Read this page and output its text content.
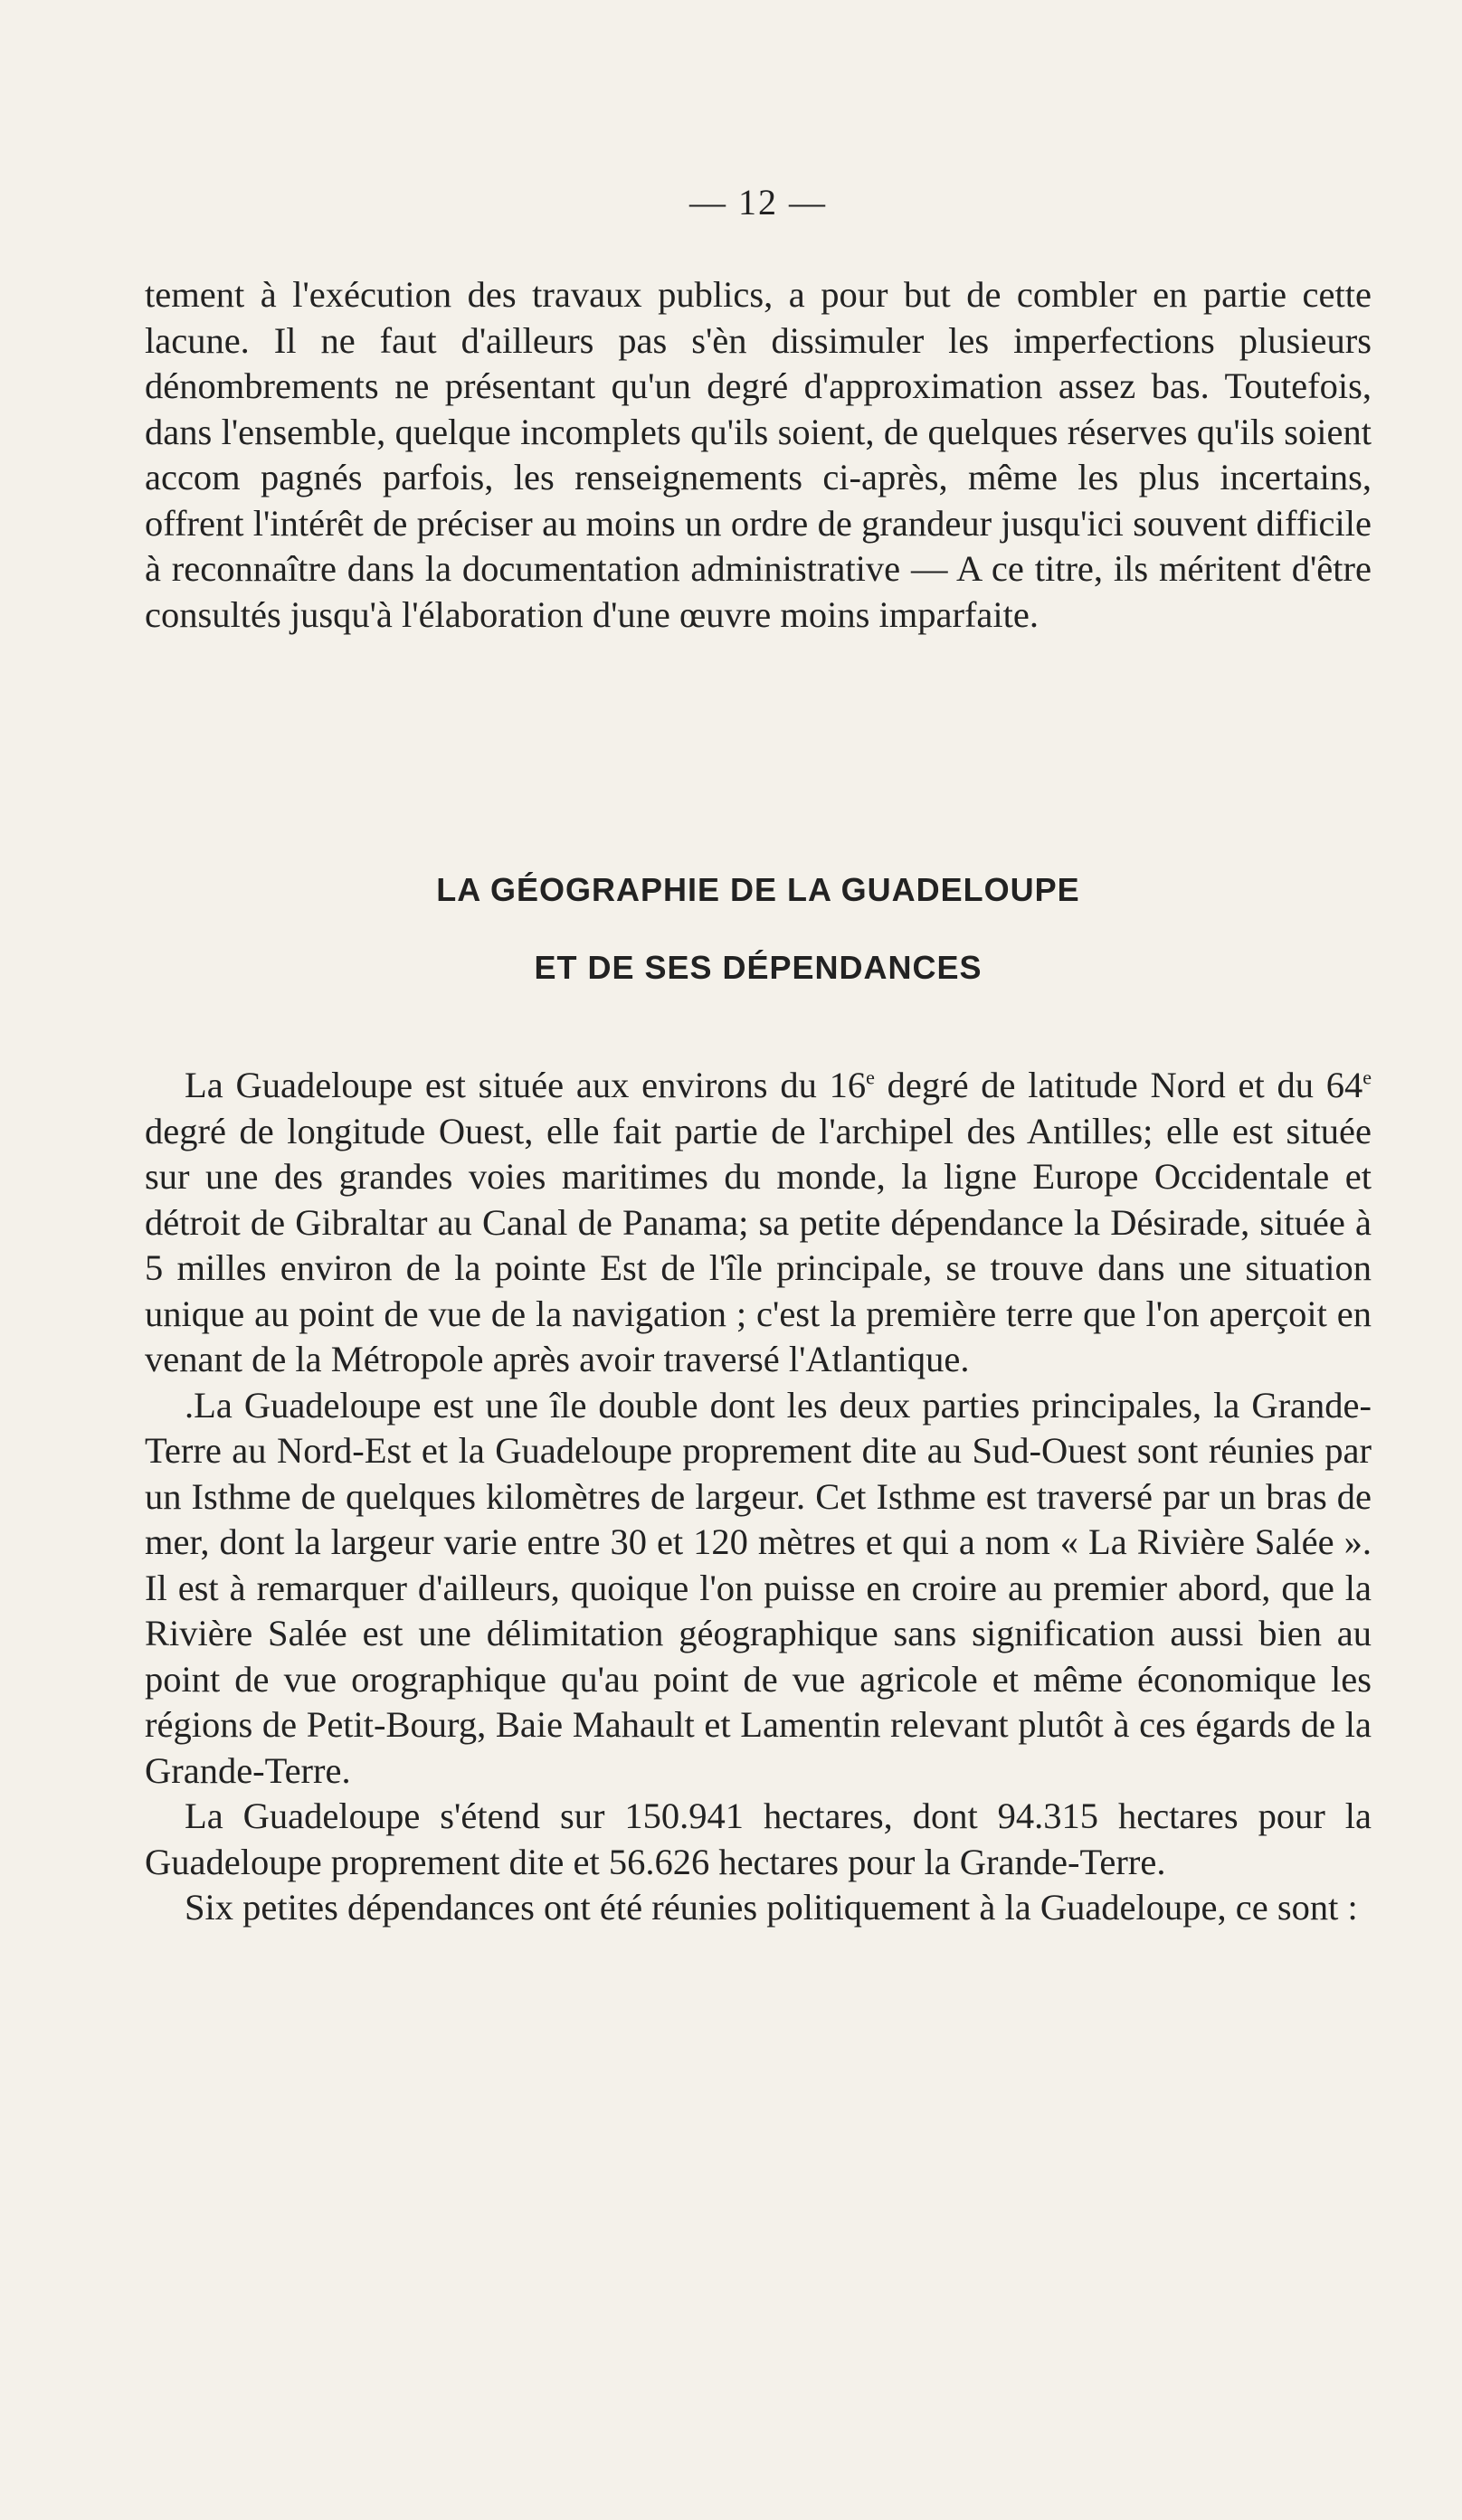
— 12 —

tement à l'exécution des travaux publics, a pour but de combler en partie cette lacune. Il ne faut d'ailleurs pas s'èn dissimuler les imperfections plusieurs dénombrements ne présentant qu'un degré d'approximation assez bas. Toutefois, dans l'ensemble, quelque incomplets qu'ils soient, de quelques réserves qu'ils soient accom pagnés parfois, les renseignements ci-après, même les plus incertains, offrent l'intérêt de préciser au moins un ordre de grandeur jusqu'ici souvent difficile à reconnaître dans la documentation administrative — A ce titre, ils méritent d'être consultés jusqu'à l'élaboration d'une œuvre moins imparfaite.

LA GÉOGRAPHIE DE LA GUADELOUPE

ET DE SES DÉPENDANCES

La Guadeloupe est située aux environs du 16e degré de latitude Nord et du 64e degré de longitude Ouest, elle fait partie de l'archipel des Antilles; elle est située sur une des grandes voies maritimes du monde, la ligne Europe Occidentale et détroit de Gibraltar au Canal de Panama; sa petite dépendance la Désirade, située à 5 milles environ de la pointe Est de l'île principale, se trouve dans une situation unique au point de vue de la navigation ; c'est la première terre que l'on aperçoit en venant de la Métropole après avoir traversé l'Atlantique.

.La Guadeloupe est une île double dont les deux parties principales, la Grande-Terre au Nord-Est et la Guadeloupe proprement dite au Sud-Ouest sont réunies par un Isthme de quelques kilomètres de largeur. Cet Isthme est traversé par un bras de mer, dont la largeur varie entre 30 et 120 mètres et qui a nom « La Rivière Salée ». Il est à remarquer d'ailleurs, quoique l'on puisse en croire au premier abord, que la Rivière Salée est une délimitation géographique sans signification aussi bien au point de vue orographique qu'au point de vue agricole et même économique les régions de Petit-Bourg, Baie Mahault et Lamentin relevant plutôt à ces égards de la Grande-Terre.

La Guadeloupe s'étend sur 150.941 hectares, dont 94.315 hectares pour la Guadeloupe proprement dite et 56.626 hectares pour la Grande-Terre.

Six petites dépendances ont été réunies politiquement à la Guadeloupe, ce sont :
